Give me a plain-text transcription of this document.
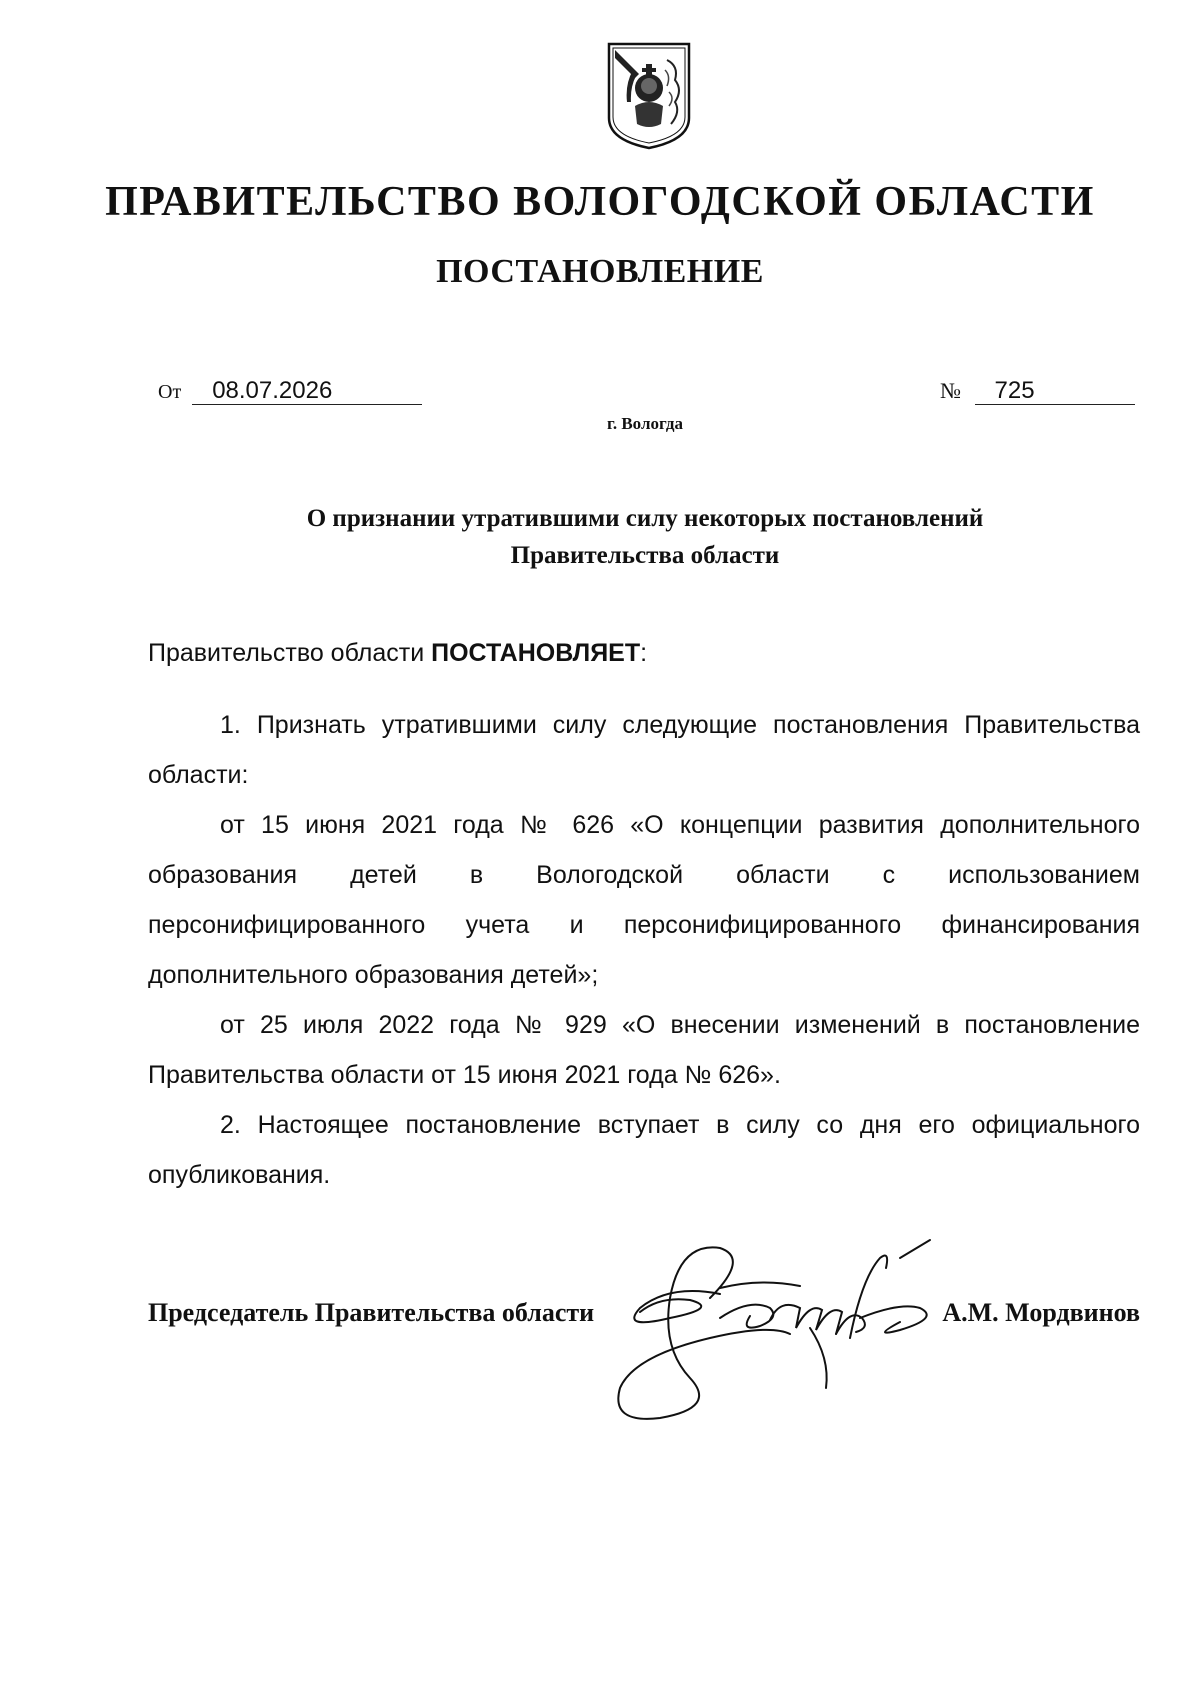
ПРАВИТЕЛЬСТВО ВОЛОГОДСКОЙ ОБЛАСТИ
ПОСТАНОВЛЕНИЕ
От 08.07.2026	№ 725
г. Вологда
О признании утратившими силу некоторых постановлений
Правительства области

Правительство области ПОСТАНОВЛЯЕТ:

1. Признать утратившими силу следующие постановления Правительства области:

от 15 июня 2021 года № 626 «О концепции развития дополнительного образования детей в Вологодской области с использованием персонифицированного учета и персонифицированного финансирования дополнительного образования детей»;

от 25 июля 2022 года № 929 «О внесении изменений в постановление Правительства области от 15 июня 2021 года № 626».

2. Настоящее постановление вступает в силу со дня его официального опубликования.

Председатель Правительства области	А.М. Мордвинов
